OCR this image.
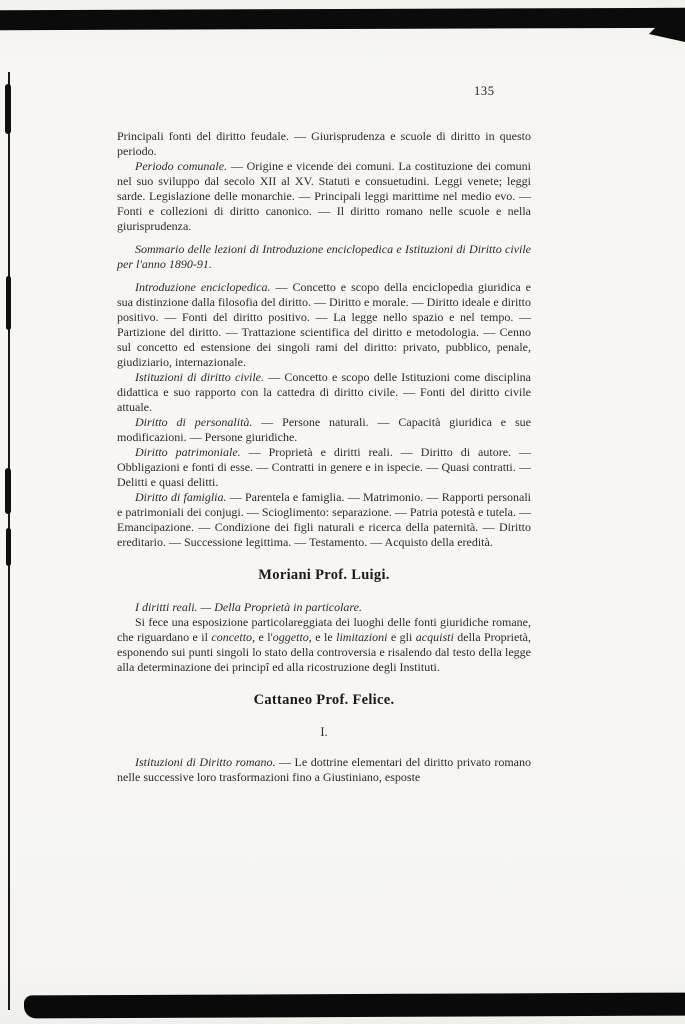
135

Principali fonti del diritto feudale. — Giurisprudenza e scuole di diritto in questo periodo.

Periodo comunale. — Origine e vicende dei comuni. La costituzione dei comuni nel suo sviluppo dal secolo XII al XV. Statuti e consuetudini. Leggi venete; leggi sarde. Legislazione delle monarchie. — Principali leggi marittime nel medio evo. — Fonti e collezioni di diritto canonico. — Il diritto romano nelle scuole e nella giurisprudenza.

Sommario delle lezioni di Introduzione enciclopedica e Istituzioni di Diritto civile per l'anno 1890-91.

Introduzione enciclopedica. — Concetto e scopo della enciclopedia giuridica e sua distinzione dalla filosofia del diritto. — Diritto e morale. — Diritto ideale e diritto positivo. — Fonti del diritto positivo. — La legge nello spazio e nel tempo. — Partizione del diritto. — Trattazione scientifica del diritto e metodologia. — Cenno sul concetto ed estensione dei singoli rami del diritto: privato, pubblico, penale, giudiziario, internazionale.

Istituzioni di diritto civile. — Concetto e scopo delle Istituzioni come disciplina didattica e suo rapporto con la cattedra di diritto civile. — Fonti del diritto civile attuale.

Diritto di personalità. — Persone naturali. — Capacità giuridica e sue modificazioni. — Persone giuridiche.

Diritto patrimoniale. — Proprietà e diritti reali. — Diritto di autore. — Obbligazioni e fonti di esse. — Contratti in genere e in ispecie. — Quasi contratti. — Delitti e quasi delitti.

Diritto di famiglia. — Parentela e famiglia. — Matrimonio. — Rapporti personali e patrimoniali dei conjugi. — Scioglimento: separazione. — Patria potestà e tutela. — Emancipazione. — Condizione dei figli naturali e ricerca della paternità. — Diritto ereditario. — Successione legittima. — Testamento. — Acquisto della eredità.

Moriani Prof. Luigi.

I diritti reali. — Della Proprietà in particolare.

Si fece una esposizione particolareggiata dei luoghi delle fonti giuridiche romane, che riguardano e il concetto, e l'oggetto, e le limitazioni e gli acquisti della Proprietà, esponendo sui punti singoli lo stato della controversia e risalendo dal testo della legge alla determinazione dei principî ed alla ricostruzione degli Instituti.

Cattaneo Prof. Felice.
I.

Istituzioni di Diritto romano. — Le dottrine elementari del diritto privato romano nelle successive loro trasformazioni fino a Giustiniano, esposte
